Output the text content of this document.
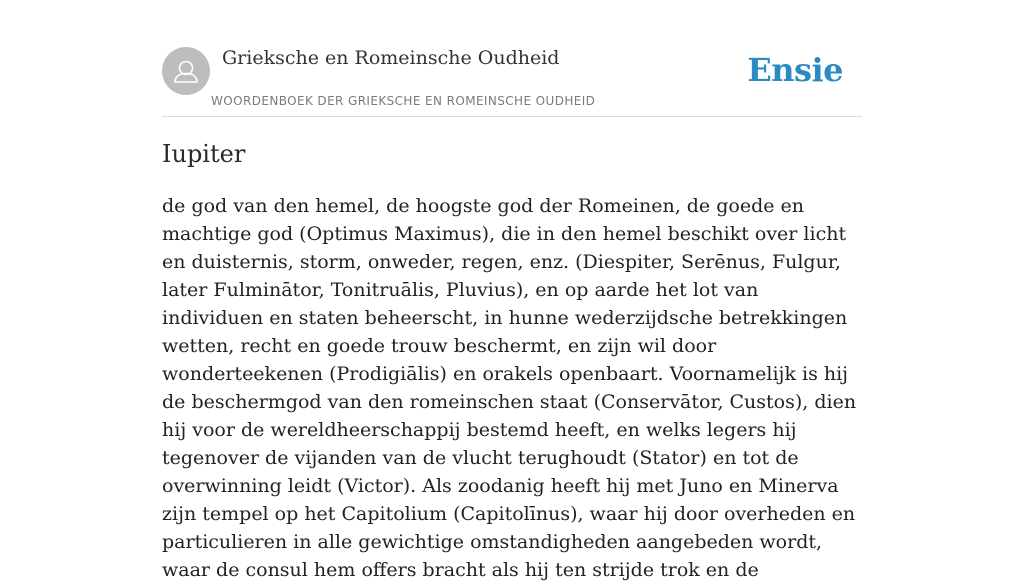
Grieksche en Romeinsche Oudheid
WOORDENBOEK DER GRIEKSCHE EN ROMEINSCHE OUDHEID
Ensie
Iupiter

de god van den hemel, de hoogste god der Romeinen, de goede en machtige god (Optimus Maximus), die in den hemel beschikt over licht en duisternis, storm, onweder, regen, enz. (Diespiter, Serēnus, Fulgur, later Fulminātor, Tonitruālis, Pluvius), en op aarde het lot van individuen en staten beheerscht, in hunne wederzijdsche betrekkingen wetten, recht en goede trouw beschermt, en zijn wil door wonderteekenen (Prodigiālis) en orakels openbaart. Voornamelijk is hij de beschermgod van den romeinschen staat (Conservātor, Custos), dien hij voor de wereldheerschappij bestemd heeft, en welks legers hij tegenover de vijanden van de vlucht terughoudt (Stator) en tot de overwinning leidt (Victor). Als zoodanig heeft hij met Juno en Minerva zijn tempel op het Capitolium (Capitolīnus), waar hij door overheden en particulieren in alle gewichtige omstandigheden aangebeden wordt, waar de consul hem offers bracht als hij ten strijde trok en de
